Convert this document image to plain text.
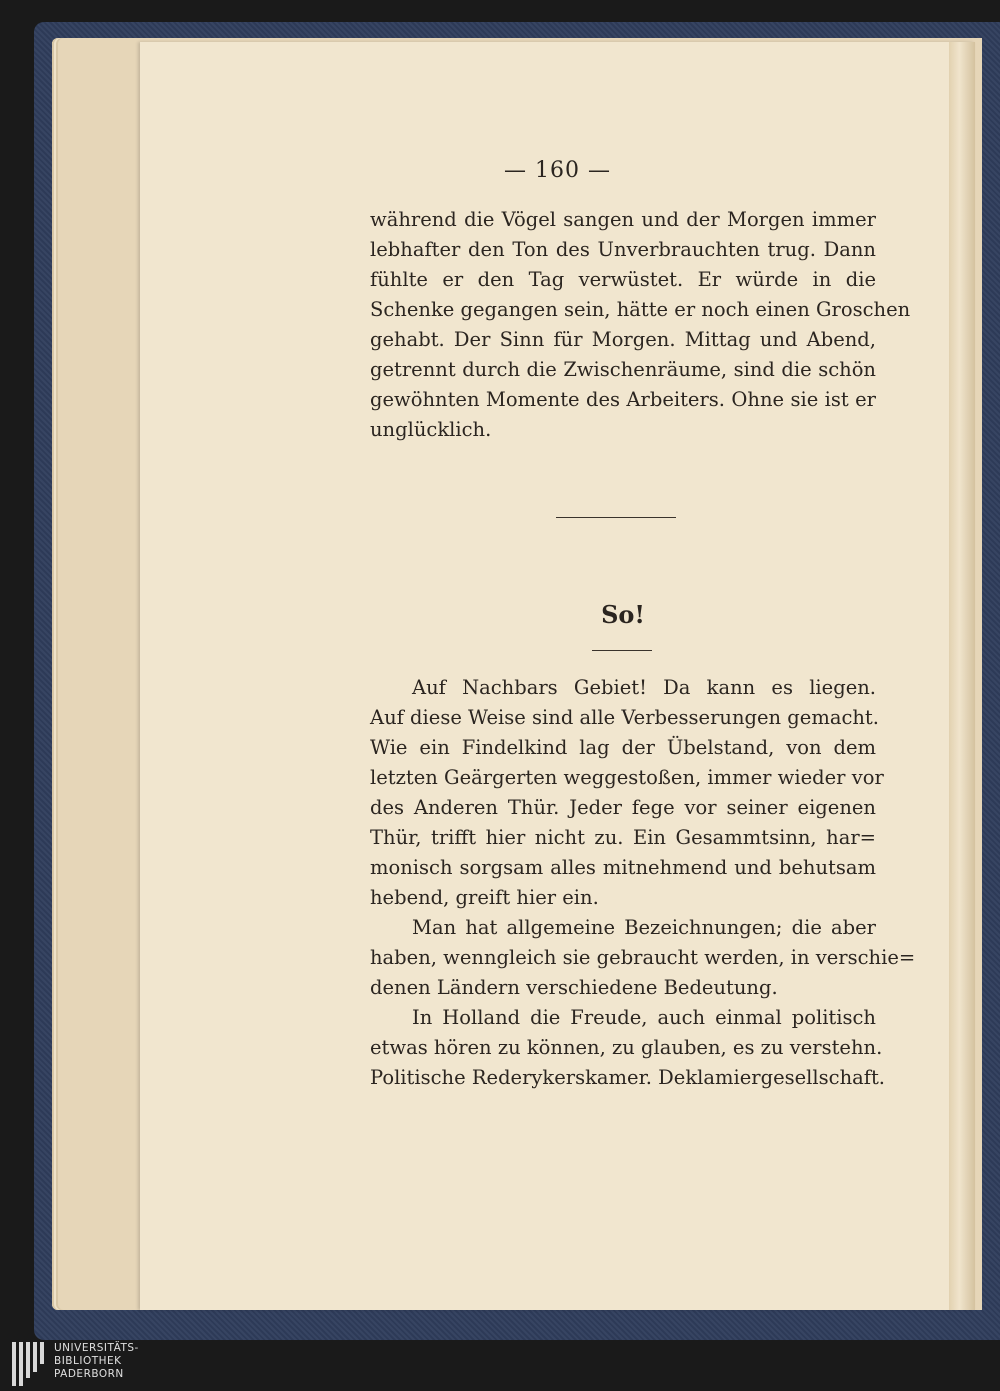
— 160 —
während die Vögel sangen und der Morgen immer
lebhafter den Ton des Unverbrauchten trug. Dann
fühlte er den Tag verwüstet. Er würde in die
Schenke gegangen sein, hätte er noch einen Groschen
gehabt. Der Sinn für Morgen. Mittag und Abend,
getrennt durch die Zwischenräume, sind die schön
gewöhnten Momente des Arbeiters. Ohne sie ist er
unglücklich.
So!
Auf Nachbars Gebiet! Da kann es liegen.
Auf diese Weise sind alle Verbesserungen gemacht.
Wie ein Findelkind lag der Übelstand, von dem
letzten Geärgerten weggestoßen, immer wieder vor
des Anderen Thür. Jeder fege vor seiner eigenen
Thür, trifft hier nicht zu. Ein Gesammtsinn, har=
monisch sorgsam alles mitnehmend und behutsam
hebend, greift hier ein.
Man hat allgemeine Bezeichnungen; die aber
haben, wenngleich sie gebraucht werden, in verschie=
denen Ländern verschiedene Bedeutung.
In Holland die Freude, auch einmal politisch
etwas hören zu können, zu glauben, es zu verstehn.
Politische Rederykerskamer. Deklamiergesellschaft.
UNIVERSITÄTS-
BIBLIOTHEK
PADERBORN
